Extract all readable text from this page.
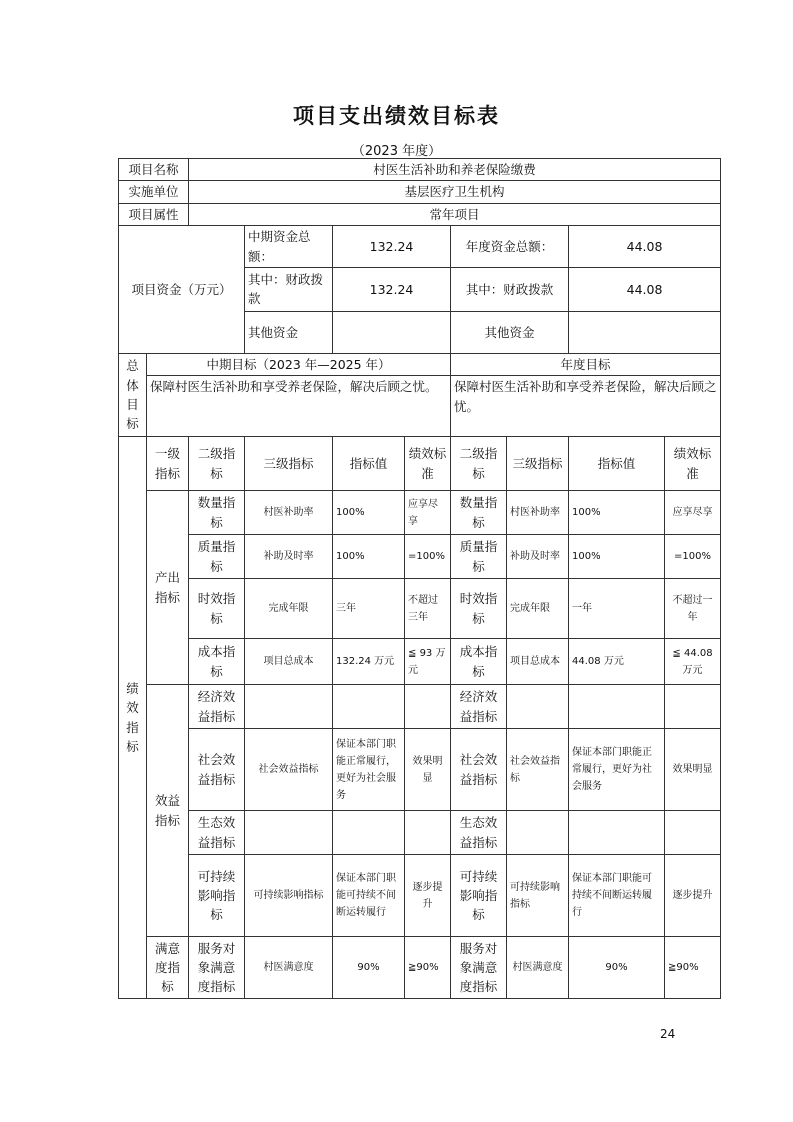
项目支出绩效目标表
（2023 年度）
项目名称		村医生活补助和养老保险缴费							
实施单位		基层医疗卫生机构							
项目属性		常年项目							
项目资金（万元）			中期资金总额：	132.24		年度资金总额：		44.08	
			其中：财政拨款	132.24		其中：财政拨款		44.08	
			其他资金			其他资金			
总体目标	中期目标（2023 年—2025 年）					年度目标			
	保障村医生活补助和享受养老保险，解决后顾之忧。					保障村医生活补助和享受养老保险，解决后顾之忧。			
绩效指标	一级指标	二级指标	三级指标	指标值	绩效标准	二级指标	三级指标	指标值	绩效标准
	产出指标	数量指标	村医补助率	100%	应享尽享	数量指标	村医补助率	100%	应享尽享
		质量指标	补助及时率	100%	=100%	质量指标	补助及时率	100%	=100%
		时效指标	完成年限	三年	不超过三年	时效指标	完成年限	一年	不超过一年
		成本指标	项目总成本	132.24 万元	≦ 93 万元	成本指标	项目总成本	44.08 万元	≦ 44.08 万元
	效益指标	经济效益指标				经济效益指标			
		社会效益指标	社会效益指标	保证本部门职能正常履行，更好为社会服务	效果明显	社会效益指标	社会效益指标	保证本部门职能正常履行，更好为社会服务	效果明显
		生态效益指标				生态效益指标			
		可持续影响指标	可持续影响指标	保证本部门职能可持续不间断运转履行	逐步提升	可持续影响指标	可持续影响指标	保证本部门职能可持续不间断运转履行	逐步提升
	满意度指标	服务对象满意度指标	村医满意度	90%	≧90%	服务对象满意度指标	村医满意度	90%	≧90%
24
